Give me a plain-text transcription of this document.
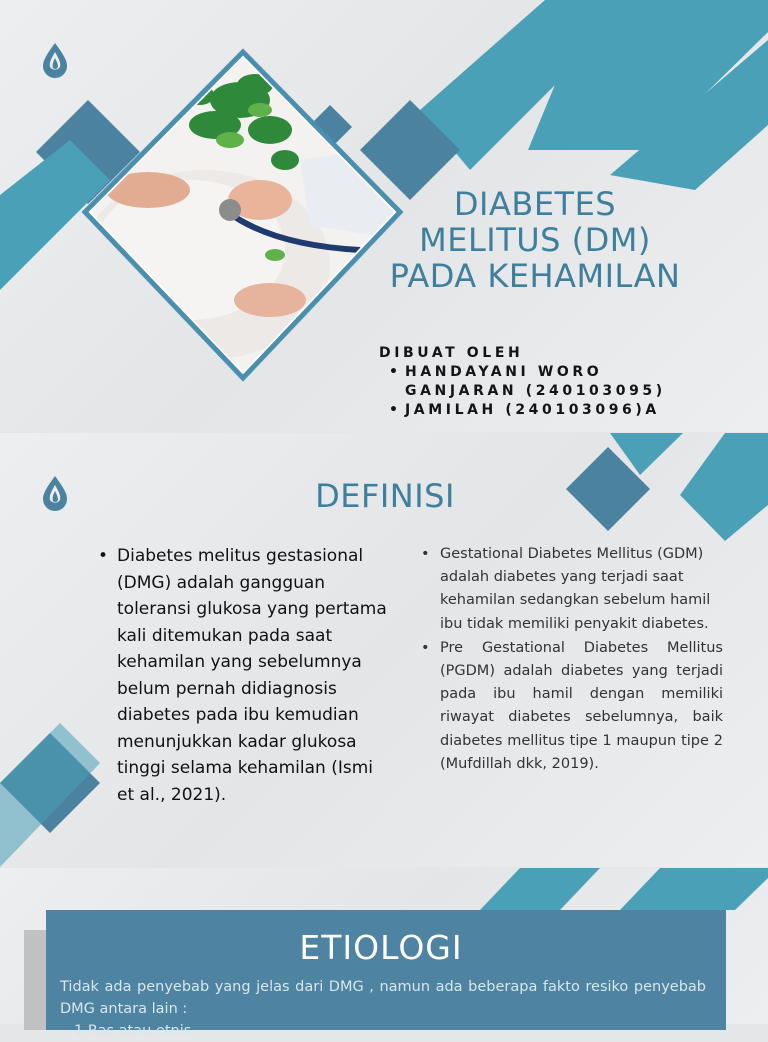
DIABETES
MELITUS (DM)
PADA KEHAMILAN
DIBUAT OLEH
• HANDAYANI WORO GANJARAN (240103095)
• JAMILAH (240103096)A
DEFINISI
• Diabetes melitus gestasional (DMG) adalah gangguan toleransi glukosa yang pertama kali ditemukan pada saat kehamilan yang sebelumnya belum pernah didiagnosis diabetes pada ibu kemudian menunjukkan kadar glukosa tinggi selama kehamilan (Ismi et al., 2021).
• Gestational Diabetes Mellitus (GDM) adalah diabetes yang terjadi saat kehamilan sedangkan sebelum hamil ibu tidak memiliki penyakit diabetes.
• Pre Gestational Diabetes Mellitus (PGDM) adalah diabetes yang terjadi pada ibu hamil dengan memiliki riwayat diabetes sebelumnya, baik diabetes mellitus tipe 1 maupun tipe 2 (Mufdillah dkk, 2019).
ETIOLOGI
Tidak ada penyebab yang jelas dari DMG , namun ada beberapa fakto resiko penyebab DMG antara lain :
1.Ras atau etnis
